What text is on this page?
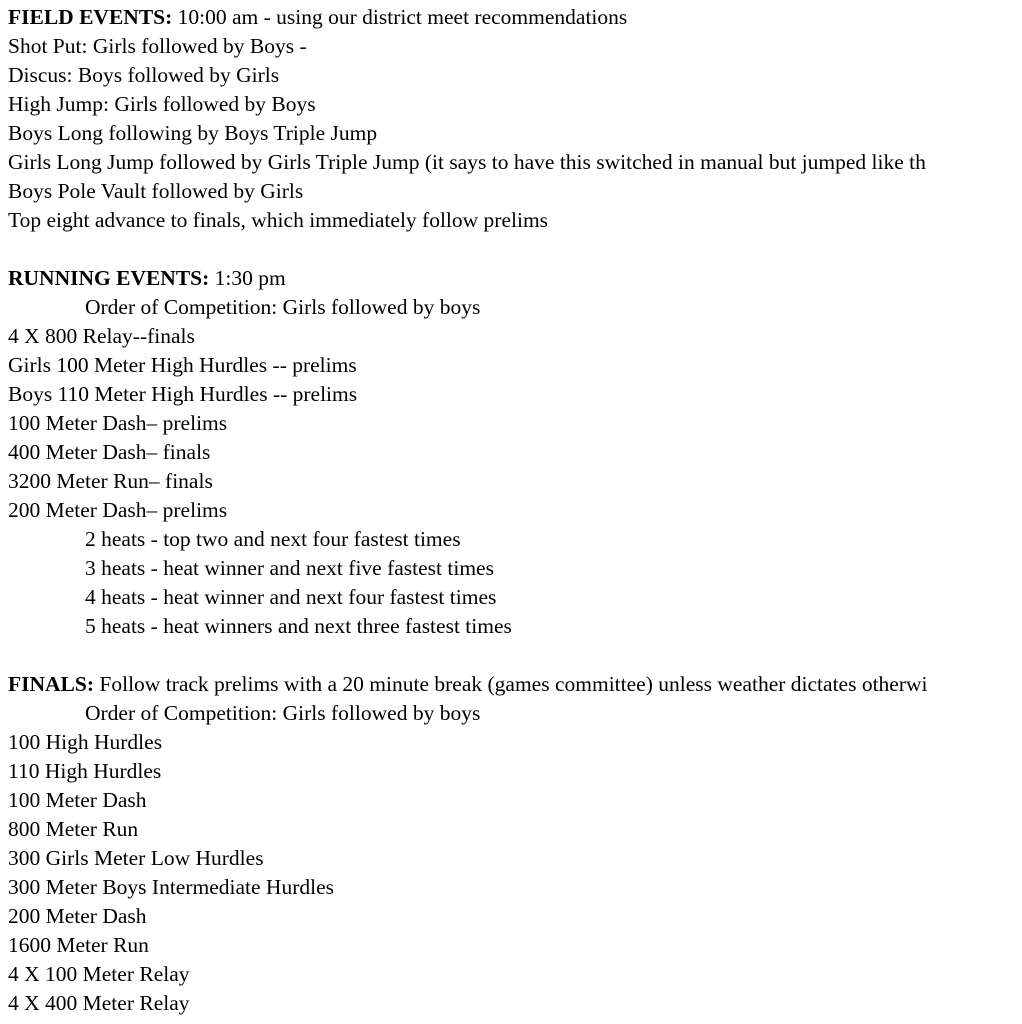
FIELD EVENTS: 10:00 am - using our district meet recommendations
Shot Put: Girls followed by Boys -
Discus: Boys followed by Girls
High Jump: Girls followed by Boys
Boys Long following by Boys Triple Jump
Girls Long Jump followed by Girls Triple Jump (it says to have this switched in manual but jumped like th
Boys Pole Vault followed by Girls
Top eight advance to finals, which immediately follow prelims
RUNNING EVENTS: 1:30 pm
Order of Competition: Girls followed by boys
4 X 800 Relay--finals
Girls 100 Meter High Hurdles -- prelims
Boys 110 Meter High Hurdles -- prelims
100 Meter Dash– prelims
400 Meter Dash– finals
3200 Meter Run– finals
200 Meter Dash– prelims
2 heats - top two and next four fastest times
3 heats - heat winner and next five fastest times
4 heats - heat winner and next four fastest times
5 heats - heat winners and next three fastest times
FINALS: Follow track prelims with a 20 minute break (games committee) unless weather dictates otherwi
Order of Competition: Girls followed by boys
100 High Hurdles
110 High Hurdles
100 Meter Dash
800 Meter Run
300 Girls Meter Low Hurdles
300 Meter Boys Intermediate Hurdles
200 Meter Dash
1600 Meter Run
4 X 100 Meter Relay
4 X 400 Meter Relay
